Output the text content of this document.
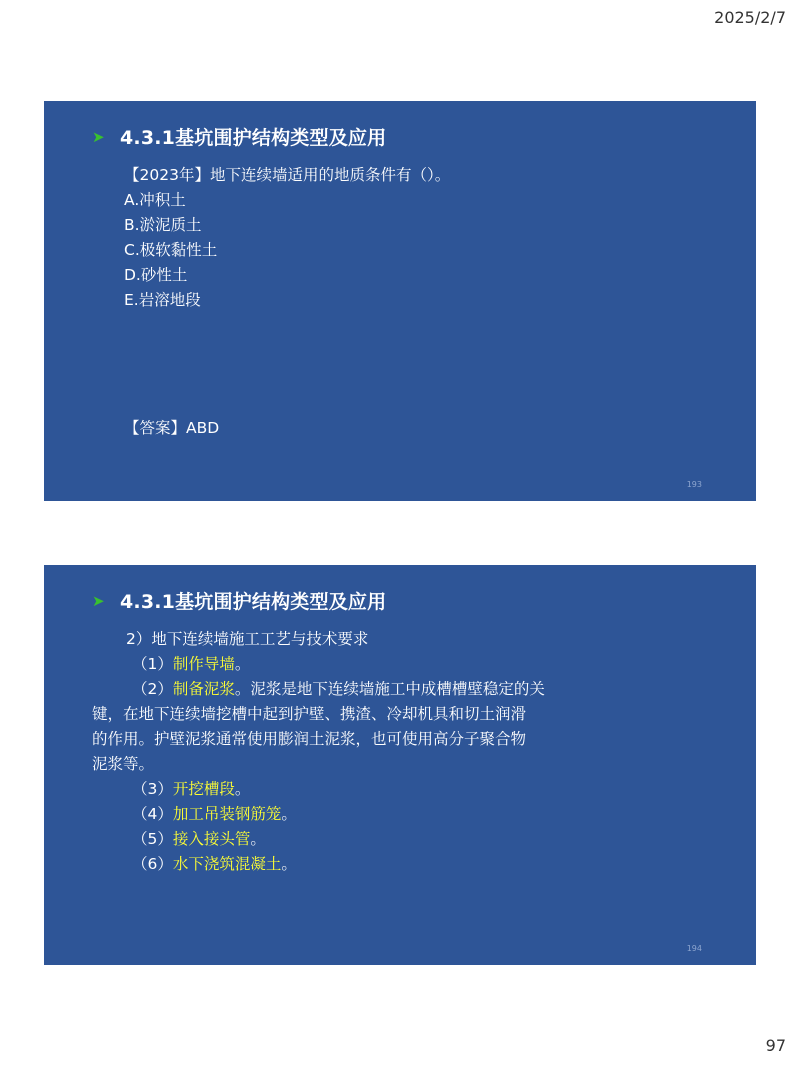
2025/2/7
➤ 4.3.1基坑围护结构类型及应用
【2023年】地下连续墙适用的地质条件有（）。
A.冲积土
B.淤泥质土
C.极软黏性土
D.砂性土
E.岩溶地段
【答案】ABD
193
➤ 4.3.1基坑围护结构类型及应用
2）地下连续墙施工工艺与技术要求
（1）制作导墙。
（2）制备泥浆。泥浆是地下连续墙施工中成槽槽壁稳定的关
键，在地下连续墙挖槽中起到护壁、携渣、冷却机具和切土润滑
的作用。护壁泥浆通常使用膨润土泥浆，也可使用高分子聚合物
泥浆等。
（3）开挖槽段。
（4）加工吊装钢筋笼。
（5）接入接头管。
（6）水下浇筑混凝土。
194
97
